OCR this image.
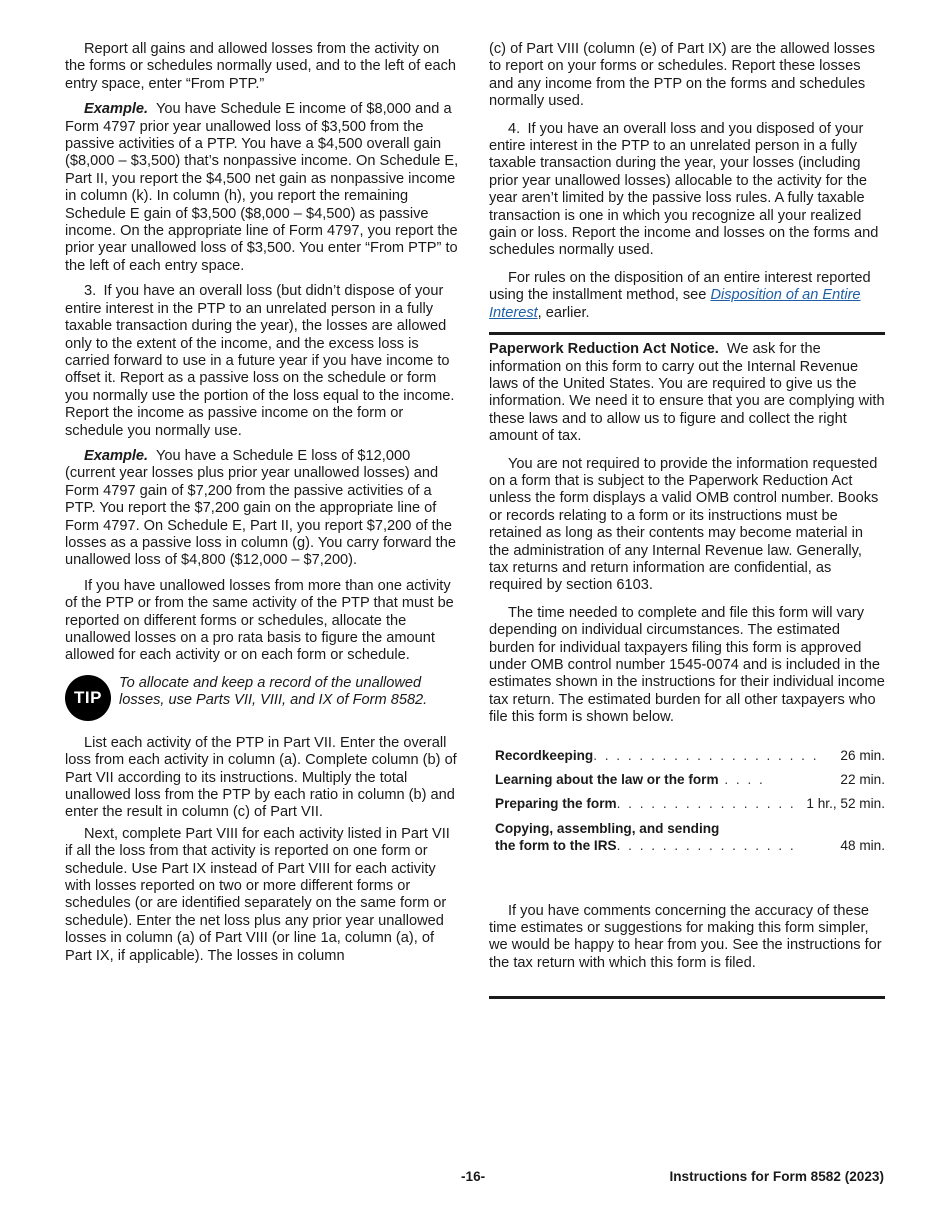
Report all gains and allowed losses from the activity on the forms or schedules normally used, and to the left of each entry space, enter “From PTP.”

Example. You have Schedule E income of $8,000 and a Form 4797 prior year unallowed loss of $3,500 from the passive activities of a PTP. You have a $4,500 overall gain ($8,000 – $3,500) that’s nonpassive income. On Schedule E, Part II, you report the $4,500 net gain as nonpassive income in column (k). In column (h), you report the remaining Schedule E gain of $3,500 ($8,000 – $4,500) as passive income. On the appropriate line of Form 4797, you report the prior year unallowed loss of $3,500. You enter “From PTP” to the left of each entry space.

3. If you have an overall loss (but didn’t dispose of your entire interest in the PTP to an unrelated person in a fully taxable transaction during the year), the losses are allowed only to the extent of the income, and the excess loss is carried forward to use in a future year if you have income to offset it. Report as a passive loss on the schedule or form you normally use the portion of the loss equal to the income. Report the income as passive income on the form or schedule you normally use.

Example. You have a Schedule E loss of $12,000 (current year losses plus prior year unallowed losses) and Form 4797 gain of $7,200 from the passive activities of a PTP. You report the $7,200 gain on the appropriate line of Form 4797. On Schedule E, Part II, you report $7,200 of the losses as a passive loss in column (g). You carry forward the unallowed loss of $4,800 ($12,000 – $7,200).

If you have unallowed losses from more than one activity of the PTP or from the same activity of the PTP that must be reported on different forms or schedules, allocate the unallowed losses on a pro rata basis to figure the amount allowed for each activity or on each form or schedule.

TIP
To allocate and keep a record of the unallowed losses, use Parts VII, VIII, and IX of Form 8582.

List each activity of the PTP in Part VII. Enter the overall loss from each activity in column (a). Complete column (b) of Part VII according to its instructions. Multiply the total unallowed loss from the PTP by each ratio in column (b) and enter the result in column (c) of Part VII.

Next, complete Part VIII for each activity listed in Part VII if all the loss from that activity is reported on one form or schedule. Use Part IX instead of Part VIII for each activity with losses reported on two or more different forms or schedules (or are identified separately on the same form or schedule). Enter the net loss plus any prior year unallowed losses in column (a) of Part VIII (or line 1a, column (a), of Part IX, if applicable). The losses in column

(c) of Part VIII (column (e) of Part IX) are the allowed losses to report on your forms or schedules. Report these losses and any income from the PTP on the forms and schedules normally used.

4. If you have an overall loss and you disposed of your entire interest in the PTP to an unrelated person in a fully taxable transaction during the year, your losses (including prior year unallowed losses) allocable to the activity for the year aren’t limited by the passive loss rules. A fully taxable transaction is one in which you recognize all your realized gain or loss. Report the income and losses on the forms and schedules normally used.

For rules on the disposition of an entire interest reported using the installment method, see Disposition of an Entire Interest, earlier.

Paperwork Reduction Act Notice. We ask for the information on this form to carry out the Internal Revenue laws of the United States. You are required to give us the information. We need it to ensure that you are complying with these laws and to allow us to figure and collect the right amount of tax.

You are not required to provide the information requested on a form that is subject to the Paperwork Reduction Act unless the form displays a valid OMB control number. Books or records relating to a form or its instructions must be retained as long as their contents may become material in the administration of any Internal Revenue law. Generally, tax returns and return information are confidential, as required by section 6103.

The time needed to complete and file this form will vary depending on individual circumstances. The estimated burden for individual taxpayers filing this form is approved under OMB control number 1545-0074 and is included in the estimates shown in the instructions for their individual income tax return. The estimated burden for all other taxpayers who file this form is shown below.

Recordkeeping. . . . . . . . . . . . . . . . . . . .	26 min.
Learning about the law or the form . . . .	22 min.
Preparing the form. . . . . . . . . . . . . . . . 1 hr., 52 min.
Copying, assembling, and sending
the form to the IRS. . . . . . . . . . . . . . . .	48 min.

If you have comments concerning the accuracy of these time estimates or suggestions for making this form simpler, we would be happy to hear from you. See the instructions for the tax return with which this form is filed.

-16-	Instructions for Form 8582 (2023)
